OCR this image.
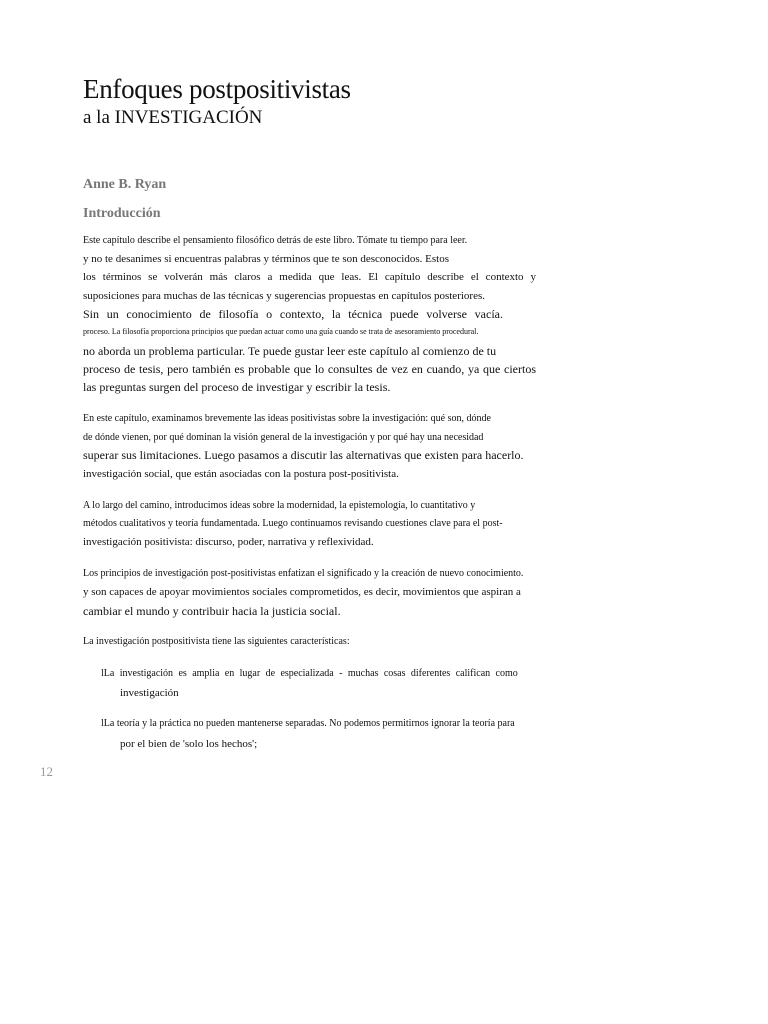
Enfoques postpositivistas
a la INVESTIGACIÓN
Anne B. Ryan
Introducción
Este capítulo describe el pensamiento filosófico detrás de este libro. Tómate tu tiempo para leer.
y no te desanimes si encuentras palabras y términos que te son desconocidos. Estos
los términos se volverán más claros a medida que leas. El capítulo describe el contexto y
suposiciones para muchas de las técnicas y sugerencias propuestas en capítulos posteriores.
Sin un conocimiento de filosofía o contexto, la técnica puede volverse vacía.
proceso. La filosofía proporciona principios que puedan actuar como una guía cuando se trata de asesoramiento procedural.
no aborda un problema particular. Te puede gustar leer este capítulo al comienzo de tu
proceso de tesis, pero también es probable que lo consultes de vez en cuando, ya que ciertos
las preguntas surgen del proceso de investigar y escribir la tesis.
En este capítulo, examinamos brevemente las ideas positivistas sobre la investigación: qué son, dónde
de dónde vienen, por qué dominan la visión general de la investigación y por qué hay una necesidad
superar sus limitaciones. Luego pasamos a discutir las alternativas que existen para hacerlo.
investigación social, que están asociadas con la postura post-positivista.
A lo largo del camino, introducimos ideas sobre la modernidad, la epistemología, lo cuantitativo y
métodos cualitativos y teoría fundamentada. Luego continuamos revisando cuestiones clave para el post-
investigación positivista: discurso, poder, narrativa y reflexividad.
Los principios de investigación post-positivistas enfatizan el significado y la creación de nuevo conocimiento.
y son capaces de apoyar movimientos sociales comprometidos, es decir, movimientos que aspiran a
cambiar el mundo y contribuir hacia la justicia social.
La investigación postpositivista tiene las siguientes características:
lLa investigación es amplia en lugar de especializada - muchas cosas diferentes califican como
investigación
lLa teoría y la práctica no pueden mantenerse separadas. No podemos permitirnos ignorar la teoría para
por el bien de 'solo los hechos';
12
